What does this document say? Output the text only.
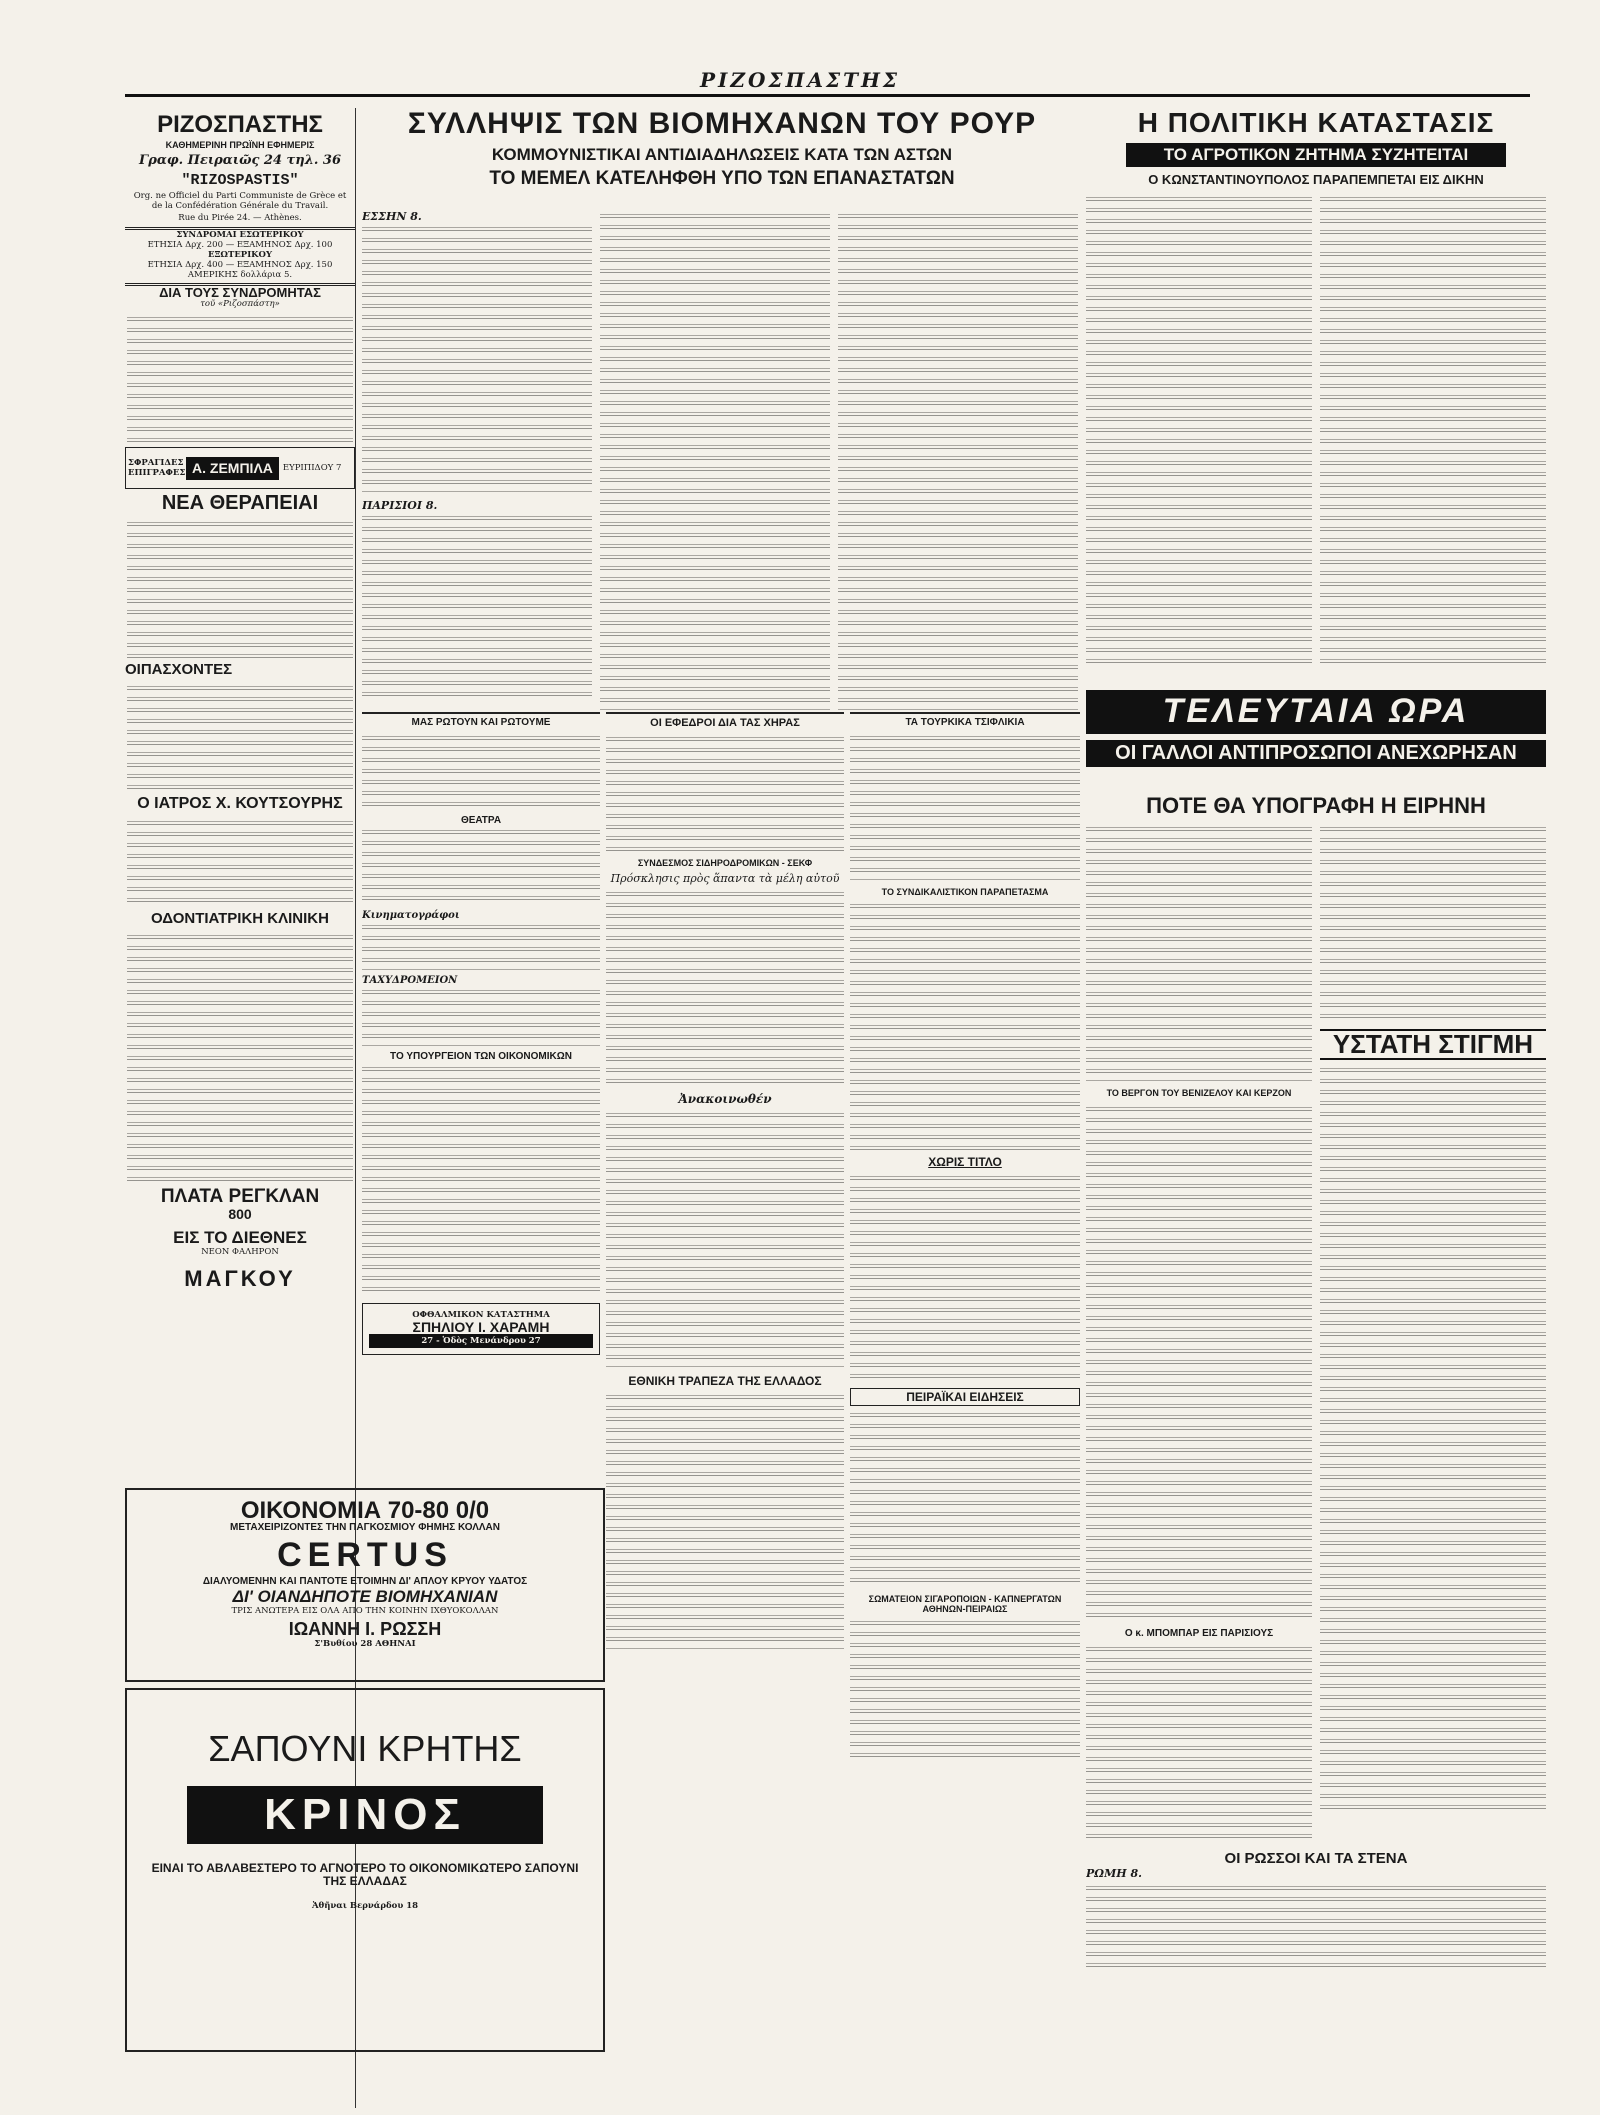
ΡΙΖΟΣΠΑΣΤΗΣ
ΡΙΖΟΣΠΑΣΤΗΣ
ΚΑΘΗΜΕΡΙΝΗ ΠΡΩΪΝΗ ΕΦΗΜΕΡΙΣ
Γραφ. Πειραιῶς 24 τηλ. 36
"RIZOSPASTIS"
Org. ne Officiel du Parti Communiste de Grèce et de la Confédération Générale du Travail.
Rue du Pirée 24. — Athènes.
ΣΥΝΔΡΟΜΑΙ ΕΣΩΤΕΡΙΚΟΥ
ΕΤΗΣΙΑ Δρχ. 200 — ΕΞΑΜΗΝΟΣ Δρχ. 100
ΕΞΩΤΕΡΙΚΟΥ
ΕΤΗΣΙΑ Δρχ. 400 — ΕΞΑΜΗΝΟΣ Δρχ. 150 ΑΜΕΡΙΚΗΣ δολλάρια 5.
ΔΙΑ ΤΟΥΣ ΣΥΝΔΡΟΜΗΤΑΣ
τοῦ «Ριζοσπάστη»
ΣΦΡΑΓΙΔΕΣ
ΕΠΙΓΡΑΦΕΣ Α. ΖΕΜΠΙΛΑ	ΕΥΡΙΠΙΔΟΥ 7
ΝΕΑ ΘΕΡΑΠΕΙΑΙ
ΟΙΠΑΣΧΟΝΤΕΣ
Ο ΙΑΤΡΟΣ Χ. ΚΟΥΤΣΟΥΡΗΣ
ΟΔΟΝΤΙΑΤΡΙΚΗ ΚΛΙΝΙΚΗ
ΠΛΑΤΑ ΡΕΓΚΛΑΝ
800
ΕΙΣ ΤΟ ΔΙΕΘΝΕΣ
ΝΕΟΝ ΦΑΛΗΡΟΝ
ΜΑΓΚΟΥ
ΣΥΛΛΗΨΙΣ ΤΩΝ ΒΙΟΜΗΧΑΝΩΝ ΤΟΥ ΡΟΥΡ
ΚΟΜΜΟΥΝΙΣΤΙΚΑΙ ΑΝΤΙΔΙΑΔΗΛΩΣΕΙΣ ΚΑΤΑ ΤΩΝ ΑΣΤΩΝ
ΤΟ ΜΕΜΕΛ ΚΑΤΕΛΗΦΘΗ ΥΠΟ ΤΩΝ ΕΠΑΝΑΣΤΑΤΩΝ
ΕΣΣΗΝ 8.
ΠΑΡΙΣΙΟΙ 8.
ΜΑΣ ΡΩΤΟΥΝ ΚΑΙ ΡΩΤΟΥΜΕ
ΘΕΑΤΡΑ
Κινηματογράφοι
ΤΑΧΥΔΡΟΜΕΙΟΝ
ΤΟ ΥΠΟΥΡΓΕΙΟΝ ΤΩΝ ΟΙΚΟΝΟΜΙΚΩΝ
ΟΦΘΑΛΜΙΚΟΝ ΚΑΤΑΣΤΗΜΑ
ΣΠΗΛΙΟΥ Ι. ΧΑΡΑΜΗ
27 - Ὁδὸς Μενάνδρου 27
ΟΙ ΕΦΕΔΡΟΙ ΔΙΑ ΤΑΣ ΧΗΡΑΣ
ΣΥΝΔΕΣΜΟΣ ΣΙΔΗΡΟΔΡΟΜΙΚΩΝ - ΣΕΚΦ
Πρόσκλησις πρὸς ἅπαντα τὰ μέλη αὐτοῦ
Ἀνακοινωθέν
ΕΘΝΙΚΗ ΤΡΑΠΕΖΑ ΤΗΣ ΕΛΛΑΔΟΣ
ΤΑ ΤΟΥΡΚΙΚΑ ΤΣΙΦΛΙΚΙΑ
ΤΟ ΣΥΝΔΙΚΑΛΙΣΤΙΚΟΝ ΠΑΡΑΠΕΤΑΣΜΑ
ΧΩΡΙΣ ΤΙΤΛΟ
ΠΕΙΡΑΪΚΑΙ ΕΙΔΗΣΕΙΣ
ΣΩΜΑΤΕΙΟΝ ΣΙΓΑΡΟΠΟΙΩΝ - ΚΑΠΝΕΡΓΑΤΩΝ ΑΘΗΝΩΝ-ΠΕΙΡΑΙΩΣ
ΟΙΚΟΝΟΜΙΑ 70-80 0/0
ΜΕΤΑΧΕΙΡΙΖΟΝΤΕΣ ΤΗΝ ΠΑΓΚΟΣΜΙΟΥ ΦΗΜΗΣ ΚΟΛΛΑΝ
CERTUS
ΔΙΑΛΥΟΜΕΝΗΝ ΚΑΙ ΠΑΝΤΟΤΕ ΕΤΟΙΜΗΝ ΔΙ' ΑΠΛΟΥ ΚΡΥΟΥ ΥΔΑΤΟΣ
ΔΙ' ΟΙΑΝΔΗΠΟΤΕ ΒΙΟΜΗΧΑΝΙΑΝ
ΤΡΙΣ ΑΝΩΤΕΡΑ ΕΙΣ ΟΛΑ ΑΠΟ ΤΗΝ ΚΟΙΝΗΝ ΙΧΘΥΟΚΟΛΛΑΝ
ΙΩΑΝΝΗ Ι. ΡΩΣΣΗ
Σ'Βυθίου 28 ΑΘΗΝΑΙ
ΣΑΠΟΥΝΙ ΚΡΗΤΗΣ
ΚΡΙΝΟΣ
ΕΙΝΑΙ ΤΟ ΑΒΛΑΒΕΣΤΕΡΟ ΤΟ ΑΓΝΟΤΕΡΟ ΤΟ ΟΙΚΟΝΟΜΙΚΩΤΕΡΟ ΣΑΠΟΥΝΙ ΤΗΣ ΕΛΛΑΔΑΣ
Ἀθῆναι Βερνάρδου 18
Η ΠΟΛΙΤΙΚΗ ΚΑΤΑΣΤΑΣΙΣ
ΤΟ ΑΓΡΟΤΙΚΟΝ ΖΗΤΗΜΑ ΣΥΖΗΤΕΙΤΑΙ
Ο ΚΩΝΣΤΑΝΤΙΝΟΥΠΟΛΟΣ ΠΑΡΑΠΕΜΠΕΤΑΙ ΕΙΣ ΔΙΚΗΝ
ΤΕΛΕΥΤΑΙΑ ΩΡΑ
ΟΙ ΓΑΛΛΟΙ ΑΝΤΙΠΡΟΣΩΠΟΙ ΑΝΕΧΩΡΗΣΑΝ
ΠΟΤΕ ΘΑ ΥΠΟΓΡΑΦΗ Η ΕΙΡΗΝΗ
ΤΟ ΒΕΡΓΟΝ ΤΟΥ ΒΕΝΙΖΕΛΟΥ ΚΑΙ ΚΕΡΖΟΝ
Ο κ. ΜΠΟΜΠΑΡ ΕΙΣ ΠΑΡΙΣΙΟΥΣ
ΥΣΤΑΤΗ ΣΤΙΓΜΗ
ΟΙ ΡΩΣΣΟΙ ΚΑΙ ΤΑ ΣΤΕΝΑ
ΡΩΜΗ 8.
